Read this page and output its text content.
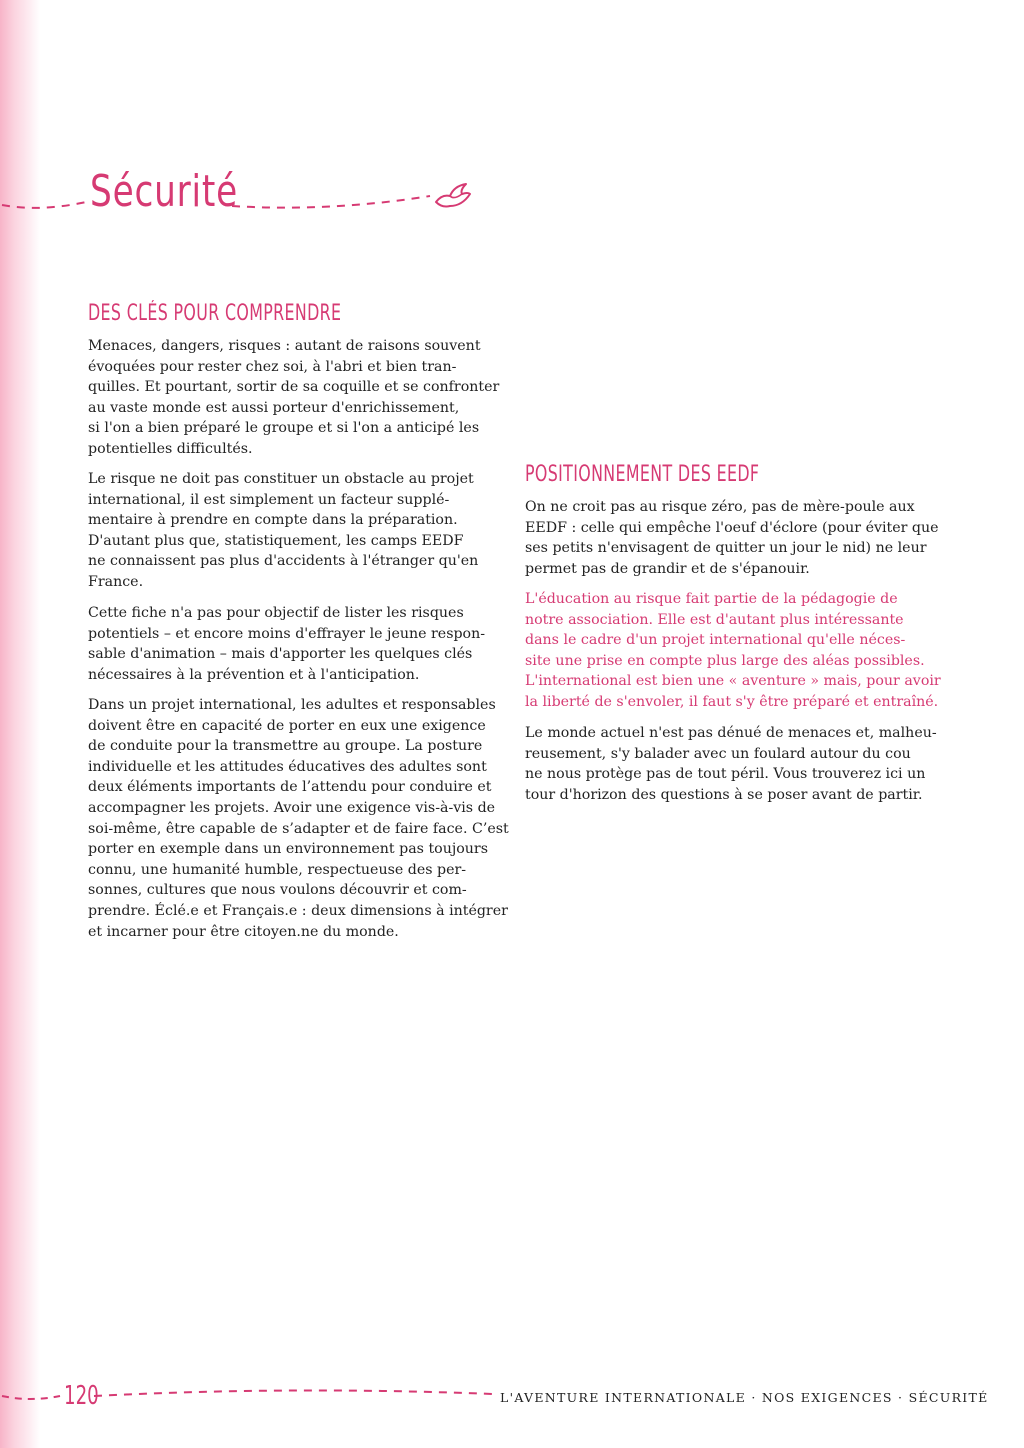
Sécurité
DES CLÉS POUR COMPRENDRE
Menaces, dangers, risques : autant de raisons souvent
évoquées pour rester chez soi, à l'abri et bien tran-
quilles. Et pourtant, sortir de sa coquille et se confronter
au vaste monde est aussi porteur d'enrichissement,
si l'on a bien préparé le groupe et si l'on a anticipé les
potentielles difficultés.
Le risque ne doit pas constituer un obstacle au projet
international, il est simplement un facteur supplé-
mentaire à prendre en compte dans la préparation.
D'autant plus que, statistiquement, les camps EEDF
ne connaissent pas plus d'accidents à l'étranger qu'en
France.
Cette fiche n'a pas pour objectif de lister les risques
potentiels – et encore moins d'effrayer le jeune respon-
sable d'animation – mais d'apporter les quelques clés
nécessaires à la prévention et à l'anticipation.
Dans un projet international, les adultes et responsables
doivent être en capacité de porter en eux une exigence
de conduite pour la transmettre au groupe. La posture
individuelle et les attitudes éducatives des adultes sont
deux éléments importants de l’attendu pour conduire et
accompagner les projets. Avoir une exigence vis-à-vis de
soi-même, être capable de s’adapter et de faire face. C’est
porter en exemple dans un environnement pas toujours
connu, une humanité humble, respectueuse des per-
sonnes, cultures que nous voulons découvrir et com-
prendre. Éclé.e et Français.e : deux dimensions à intégrer
et incarner pour être citoyen.ne du monde.
POSITIONNEMENT DES EEDF
On ne croit pas au risque zéro, pas de mère-poule aux
EEDF : celle qui empêche l'oeuf d'éclore (pour éviter que
ses petits n'envisagent de quitter un jour le nid) ne leur
permet pas de grandir et de s'épanouir.
L'éducation au risque fait partie de la pédagogie de
notre association. Elle est d'autant plus intéressante
dans le cadre d'un projet international qu'elle néces-
site une prise en compte plus large des aléas possibles.
L'international est bien une « aventure » mais, pour avoir
la liberté de s'envoler, il faut s'y être préparé et entraîné.
Le monde actuel n'est pas dénué de menaces et, malheu-
reusement, s'y balader avec un foulard autour du cou
ne nous protège pas de tout péril. Vous trouverez ici un
tour d'horizon des questions à se poser avant de partir.
120	L'AVENTURE INTERNATIONALE · NOS EXIGENCES · SÉCURITÉ
